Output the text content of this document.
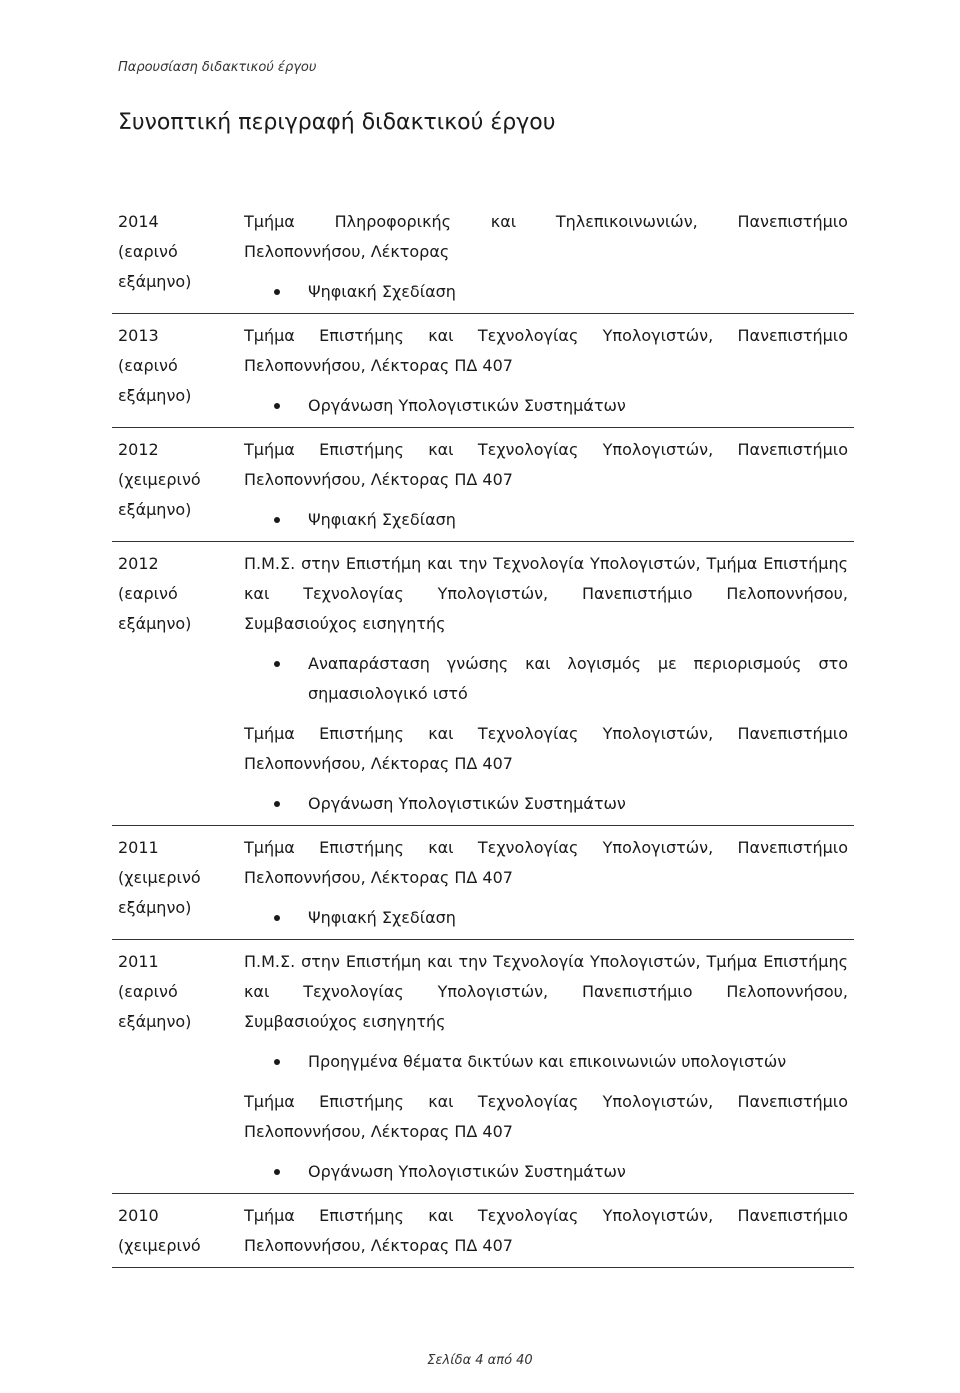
Παρουσίαση διδακτικού έργου
Συνοπτική περιγραφή διδακτικού έργου
2014
(εαρινό
εξάμηνο)
Τμήμα Πληροφορικής και Τηλεπικοινωνιών, Πανεπιστήμιο
Πελοποννήσου, Λέκτορας
Ψηφιακή Σχεδίαση
2013
(εαρινό
εξάμηνο)
Τμήμα Επιστήμης και Τεχνολογίας Υπολογιστών, Πανεπιστήμιο
Πελοποννήσου, Λέκτορας ΠΔ 407
Οργάνωση Υπολογιστικών Συστημάτων
2012
(χειμερινό
εξάμηνο)
Τμήμα Επιστήμης και Τεχνολογίας Υπολογιστών, Πανεπιστήμιο
Πελοποννήσου, Λέκτορας ΠΔ 407
Ψηφιακή Σχεδίαση
2012
(εαρινό
εξάμηνο)
Π.Μ.Σ. στην Επιστήμη και την Τεχνολογία Υπολογιστών, Τμήμα Επιστήμης και Τεχνολογίας Υπολογιστών, Πανεπιστήμιο Πελοποννήσου, Συμβασιούχος εισηγητής
Αναπαράσταση γνώσης και λογισμός με περιορισμούς στο σημασιολογικό ιστό
Τμήμα Επιστήμης και Τεχνολογίας Υπολογιστών, Πανεπιστήμιο
Πελοποννήσου, Λέκτορας ΠΔ 407
Οργάνωση Υπολογιστικών Συστημάτων
2011
(χειμερινό
εξάμηνο)
Τμήμα Επιστήμης και Τεχνολογίας Υπολογιστών, Πανεπιστήμιο
Πελοποννήσου, Λέκτορας ΠΔ 407
Ψηφιακή Σχεδίαση
2011
(εαρινό
εξάμηνο)
Π.Μ.Σ. στην Επιστήμη και την Τεχνολογία Υπολογιστών, Τμήμα Επιστήμης και Τεχνολογίας Υπολογιστών, Πανεπιστήμιο Πελοποννήσου, Συμβασιούχος εισηγητής
Προηγμένα θέματα δικτύων και επικοινωνιών υπολογιστών
Τμήμα Επιστήμης και Τεχνολογίας Υπολογιστών, Πανεπιστήμιο
Πελοποννήσου, Λέκτορας ΠΔ 407
Οργάνωση Υπολογιστικών Συστημάτων
2010
(χειμερινό
Τμήμα Επιστήμης και Τεχνολογίας Υπολογιστών, Πανεπιστήμιο
Πελοποννήσου, Λέκτορας ΠΔ 407
Σελίδα 4 από 40
